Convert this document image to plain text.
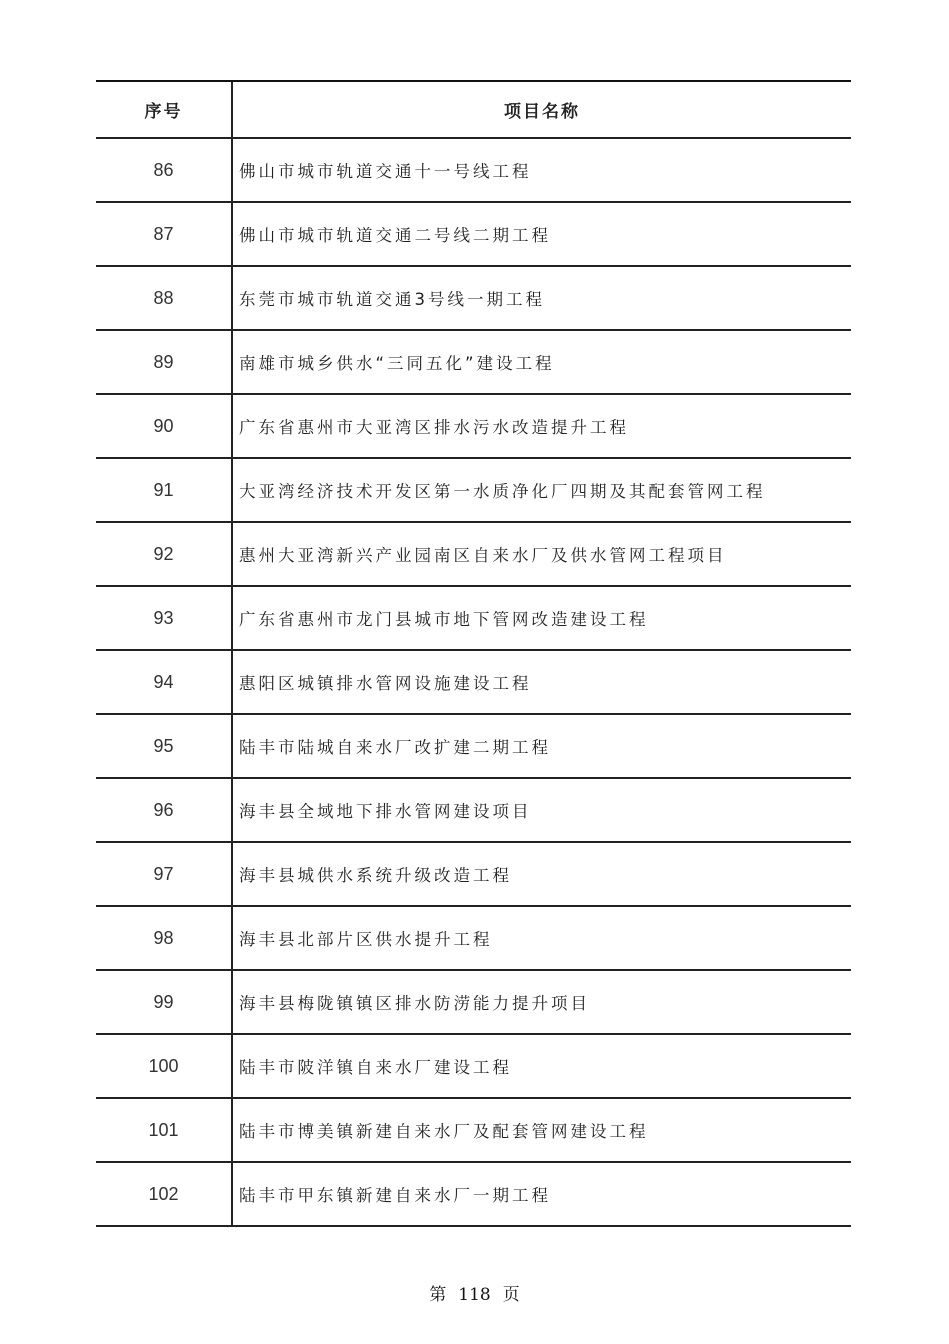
序号	项目名称
86	佛山市城市轨道交通十一号线工程
87	佛山市城市轨道交通二号线二期工程
88	东莞市城市轨道交通3号线一期工程
89	南雄市城乡供水“三同五化”建设工程
90	广东省惠州市大亚湾区排水污水改造提升工程
91	大亚湾经济技术开发区第一水质净化厂四期及其配套管网工程
92	惠州大亚湾新兴产业园南区自来水厂及供水管网工程项目
93	广东省惠州市龙门县城市地下管网改造建设工程
94	惠阳区城镇排水管网设施建设工程
95	陆丰市陆城自来水厂改扩建二期工程
96	海丰县全域地下排水管网建设项目
97	海丰县城供水系统升级改造工程
98	海丰县北部片区供水提升工程
99	海丰县梅陇镇镇区排水防涝能力提升项目
100	陆丰市陂洋镇自来水厂建设工程
101	陆丰市博美镇新建自来水厂及配套管网建设工程
102	陆丰市甲东镇新建自来水厂一期工程
第 118 页
